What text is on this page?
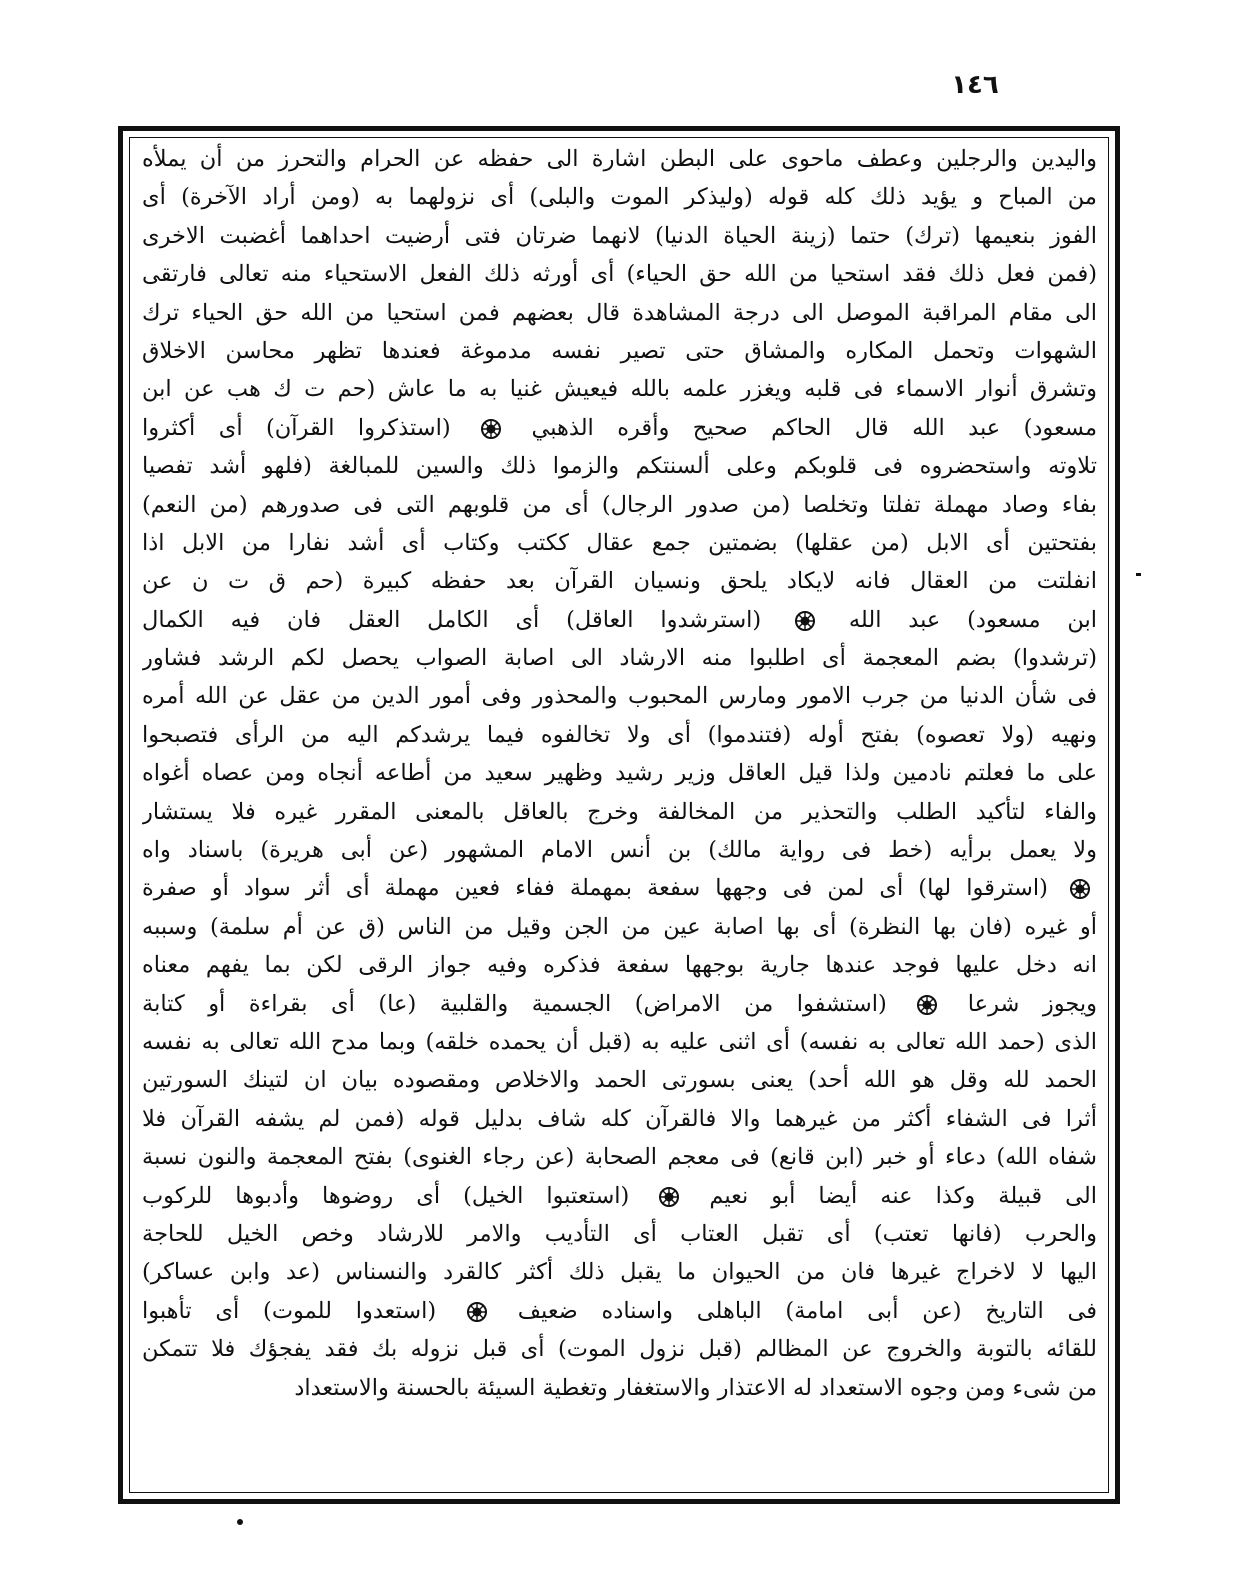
١٤٦
واليدين والرجلين وعطف ماحوى على البطن اشارة الى حفظه عن الحرام والتحرز من أن يملأه
من المباح و يؤيد ذلك كله قوله (وليذكر الموت والبلى) أى نزولهما به (ومن أراد الآخرة) أى
الفوز بنعيمها (ترك) حتما (زينة الحياة الدنيا) لانهما ضرتان فتى أرضيت احداهما أغضبت الاخرى
(فمن فعل ذلك فقد استحيا من الله حق الحياء) أى أورثه ذلك الفعل الاستحياء منه تعالى فارتقى
الى مقام المراقبة الموصل الى درجة المشاهدة قال بعضهم فمن استحيا من الله حق الحياء ترك
الشهوات وتحمل المكاره والمشاق حتى تصير نفسه مدموغة فعندها تظهر محاسن الاخلاق
وتشرق أنوار الاسماء فى قلبه ويغزر علمه بالله فيعيش غنيا به ما عاش (حم ت ك هب عن ابن
مسعود) عبد الله قال الحاكم صحيح وأقره الذهبي  (استذكروا القرآن) أى أكثروا
تلاوته واستحضروه فى قلوبكم وعلى ألسنتكم والزموا ذلك والسين للمبالغة (فلهو أشد تفصيا
بفاء وصاد مهملة تفلتا وتخلصا (من صدور الرجال) أى من قلوبهم التى فى صدورهم (من النعم)
بفتحتين أى الابل (من عقلها) بضمتين جمع عقال ككتب وكتاب أى أشد نفارا من الابل اذا
انفلتت من العقال فانه لايكاد يلحق ونسيان القرآن بعد حفظه كبيرة (حم ق ت ن عن
ابن مسعود) عبد الله  (استرشدوا العاقل) أى الكامل العقل فان فيه الكمال
(ترشدوا) بضم المعجمة أى اطلبوا منه الارشاد الى اصابة الصواب يحصل لكم الرشد فشاور
فى شأن الدنيا من جرب الامور ومارس المحبوب والمحذور وفى أمور الدين من عقل عن الله أمره
ونهيه (ولا تعصوه) بفتح أوله (فتندموا) أى ولا تخالفوه فيما يرشدكم اليه من الرأى فتصبحوا
على ما فعلتم نادمين ولذا قيل العاقل وزير رشيد وظهير سعيد من أطاعه أنجاه ومن عصاه أغواه
والفاء لتأكيد الطلب والتحذير من المخالفة وخرج بالعاقل بالمعنى المقرر غيره فلا يستشار
ولا يعمل برأيه (خط فى رواية مالك) بن أنس الامام المشهور (عن أبى هريرة) باسناد واه
(استرقوا لها) أى لمن فى وجهها سفعة بمهملة ففاء فعين مهملة أى أثر سواد أو صفرة
أو غيره (فان بها النظرة) أى بها اصابة عين من الجن وقيل من الناس (ق عن أم سلمة) وسببه
انه دخل عليها فوجد عندها جارية بوجهها سفعة فذكره وفيه جواز الرقى لكن بما يفهم معناه
ويجوز شرعا  (استشفوا من الامراض) الجسمية والقلبية (عا) أى بقراءة أو كتابة
الذى (حمد الله تعالى به نفسه) أى اثنى عليه به (قبل أن يحمده خلقه) وبما مدح الله تعالى به نفسه
الحمد لله وقل هو الله أحد) يعنى بسورتى الحمد والاخلاص ومقصوده بيان ان لتينك السورتين
أثرا فى الشفاء أكثر من غيرهما والا فالقرآن كله شاف بدليل قوله (فمن لم يشفه القرآن فلا
شفاه الله) دعاء أو خبر (ابن قانع) فى معجم الصحابة (عن رجاء الغنوى) بفتح المعجمة والنون نسبة
الى قبيلة وكذا عنه أيضا أبو نعيم  (استعتبوا الخيل) أى روضوها وأدبوها للركوب
والحرب (فانها تعتب) أى تقبل العتاب أى التأديب والامر للارشاد وخص الخيل للحاجة
اليها لا لاخراج غيرها فان من الحيوان ما يقبل ذلك أكثر كالقرد والنسناس (عد وابن عساكر)
فى التاريخ (عن أبى امامة) الباهلى واسناده ضعيف  (استعدوا للموت) أى تأهبوا
للقائه بالتوبة والخروج عن المظالم (قبل نزول الموت) أى قبل نزوله بك فقد يفجؤك فلا تتمكن
من شىء ومن وجوه الاستعداد له الاعتذار والاستغفار وتغطية السيئة بالحسنة والاستعداد
